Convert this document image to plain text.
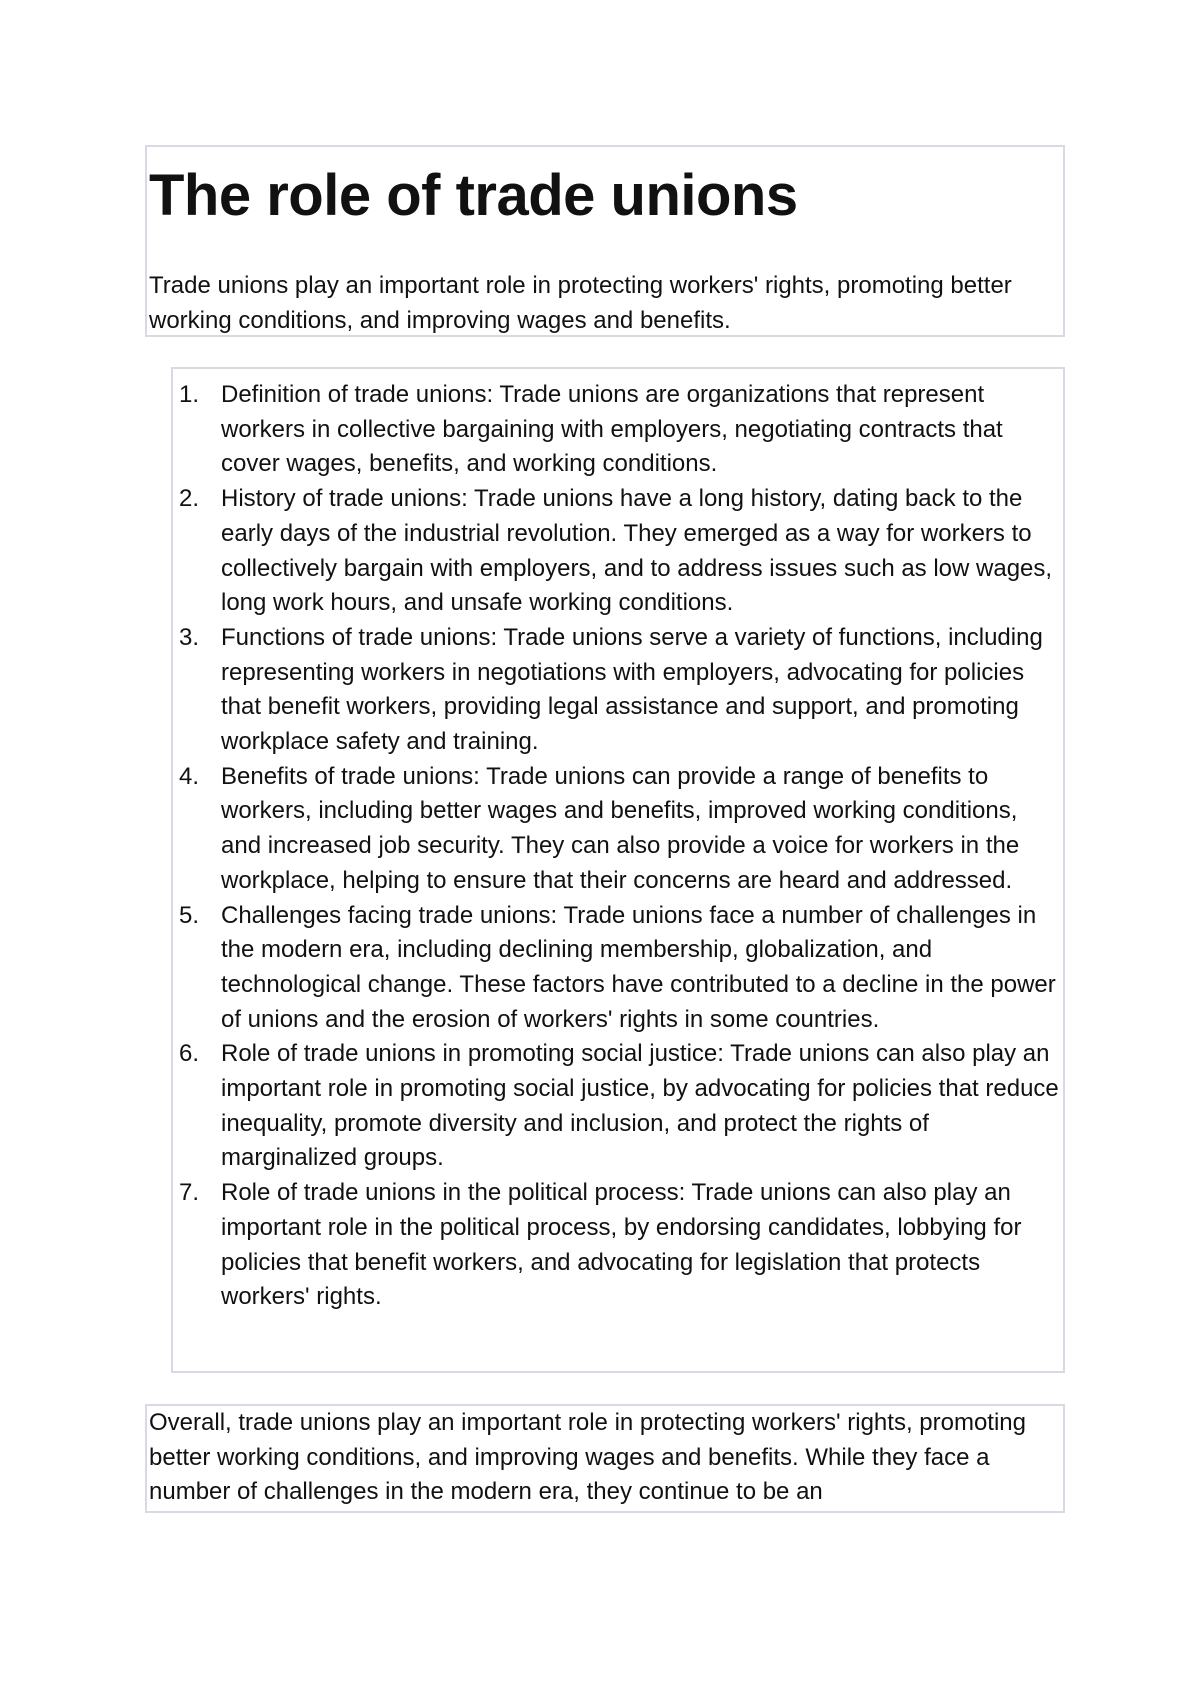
The role of trade unions

Trade unions play an important role in protecting workers' rights, promoting better working conditions, and improving wages and benefits.

1. Definition of trade unions: Trade unions are organizations that represent workers in collective bargaining with employers, negotiating contracts that cover wages, benefits, and working conditions.
2. History of trade unions: Trade unions have a long history, dating back to the early days of the industrial revolution. They emerged as a way for workers to collectively bargain with employers, and to address issues such as low wages, long work hours, and unsafe working conditions.
3. Functions of trade unions: Trade unions serve a variety of functions, including representing workers in negotiations with employers, advocating for policies that benefit workers, providing legal assistance and support, and promoting workplace safety and training.
4. Benefits of trade unions: Trade unions can provide a range of benefits to workers, including better wages and benefits, improved working conditions, and increased job security. They can also provide a voice for workers in the workplace, helping to ensure that their concerns are heard and addressed.
5. Challenges facing trade unions: Trade unions face a number of challenges in the modern era, including declining membership, globalization, and technological change. These factors have contributed to a decline in the power of unions and the erosion of workers' rights in some countries.
6. Role of trade unions in promoting social justice: Trade unions can also play an important role in promoting social justice, by advocating for policies that reduce inequality, promote diversity and inclusion, and protect the rights of marginalized groups.
7. Role of trade unions in the political process: Trade unions can also play an important role in the political process, by endorsing candidates, lobbying for policies that benefit workers, and advocating for legislation that protects workers' rights.

Overall, trade unions play an important role in protecting workers' rights, promoting better working conditions, and improving wages and benefits. While they face a number of challenges in the modern era, they continue to be an
